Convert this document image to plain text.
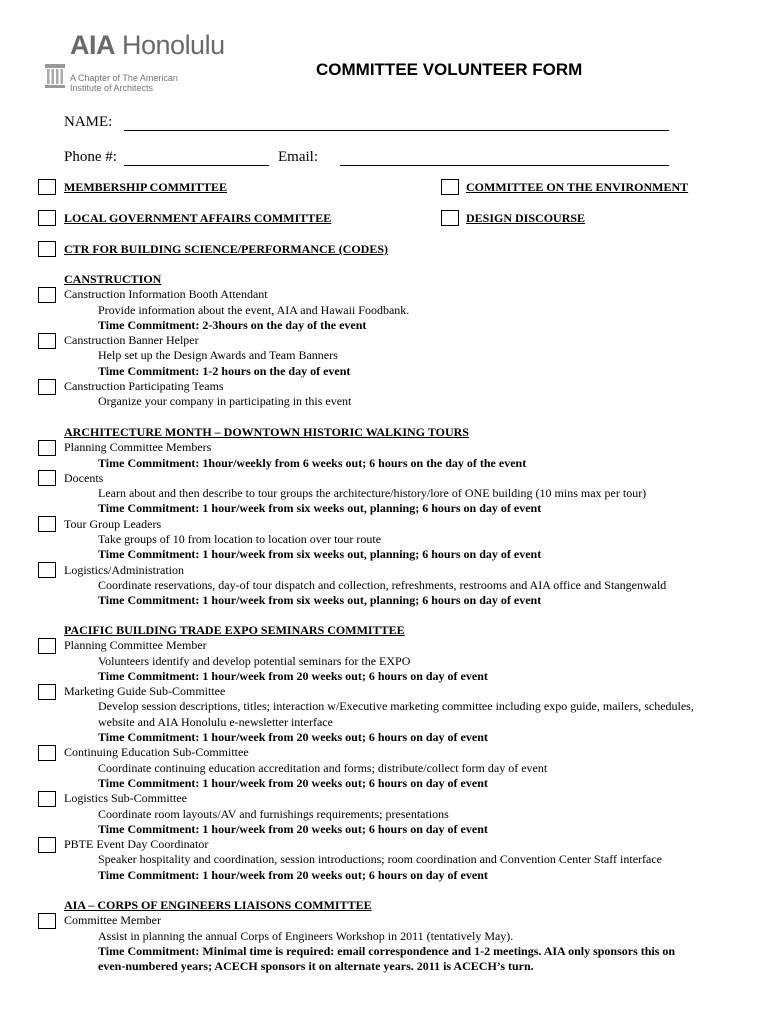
AIA Honolulu
A Chapter of The American
Institute of Architects
COMMITTEE VOLUNTEER FORM
NAME:
Phone #:	Email:
MEMBERSHIP COMMITTEE	COMMITTEE ON THE ENVIRONMENT
LOCAL GOVERNMENT AFFAIRS COMMITTEE	DESIGN DISCOURSE
CTR FOR BUILDING SCIENCE/PERFORMANCE (CODES)
CANSTRUCTION
Canstruction Information Booth Attendant
Provide information about the event, AIA and Hawaii Foodbank.
Time Commitment: 2-3hours on the day of the event
Canstruction Banner Helper
Help set up the Design Awards and Team Banners
Time Commitment: 1-2 hours on the day of event
Canstruction Participating Teams
Organize your company in participating in this event
ARCHITECTURE MONTH – DOWNTOWN HISTORIC WALKING TOURS
Planning Committee Members
Time Commitment: 1hour/weekly from 6 weeks out; 6 hours on the day of the event
Docents
Learn about and then describe to tour groups the architecture/history/lore of ONE building (10 mins max per tour)
Time Commitment: 1 hour/week from six weeks out, planning; 6 hours on day of event
Tour Group Leaders
Take groups of 10 from location to location over tour route
Time Commitment: 1 hour/week from six weeks out, planning; 6 hours on day of event
Logistics/Administration
Coordinate reservations, day-of tour dispatch and collection, refreshments, restrooms and AIA office and Stangenwald
Time Commitment: 1 hour/week from six weeks out, planning; 6 hours on day of event
PACIFIC BUILDING TRADE EXPO SEMINARS COMMITTEE
Planning Committee Member
Volunteers identify and develop potential seminars for the EXPO
Time Commitment: 1 hour/week from 20 weeks out; 6 hours on day of event
Marketing Guide Sub-Committee
Develop session descriptions, titles; interaction w/Executive marketing committee including expo guide, mailers, schedules,
website and AIA Honolulu e-newsletter interface
Time Commitment: 1 hour/week from 20 weeks out; 6 hours on day of event
Continuing Education Sub-Committee
Coordinate continuing education accreditation and forms; distribute/collect form day of event
Time Commitment: 1 hour/week from 20 weeks out; 6 hours on day of event
Logistics Sub-Committee
Coordinate room layouts/AV and furnishings requirements; presentations
Time Commitment: 1 hour/week from 20 weeks out; 6 hours on day of event
PBTE Event Day Coordinator
Speaker hospitality and coordination, session introductions; room coordination and Convention Center Staff interface
Time Commitment: 1 hour/week from 20 weeks out; 6 hours on day of event
AIA – CORPS OF ENGINEERS LIAISONS COMMITTEE
Committee Member
Assist in planning the annual Corps of Engineers Workshop in 2011 (tentatively May).
Time Commitment: Minimal time is required: email correspondence and 1-2 meetings. AIA only sponsors this on
even-numbered years; ACECH sponsors it on alternate years. 2011 is ACECH’s turn.
